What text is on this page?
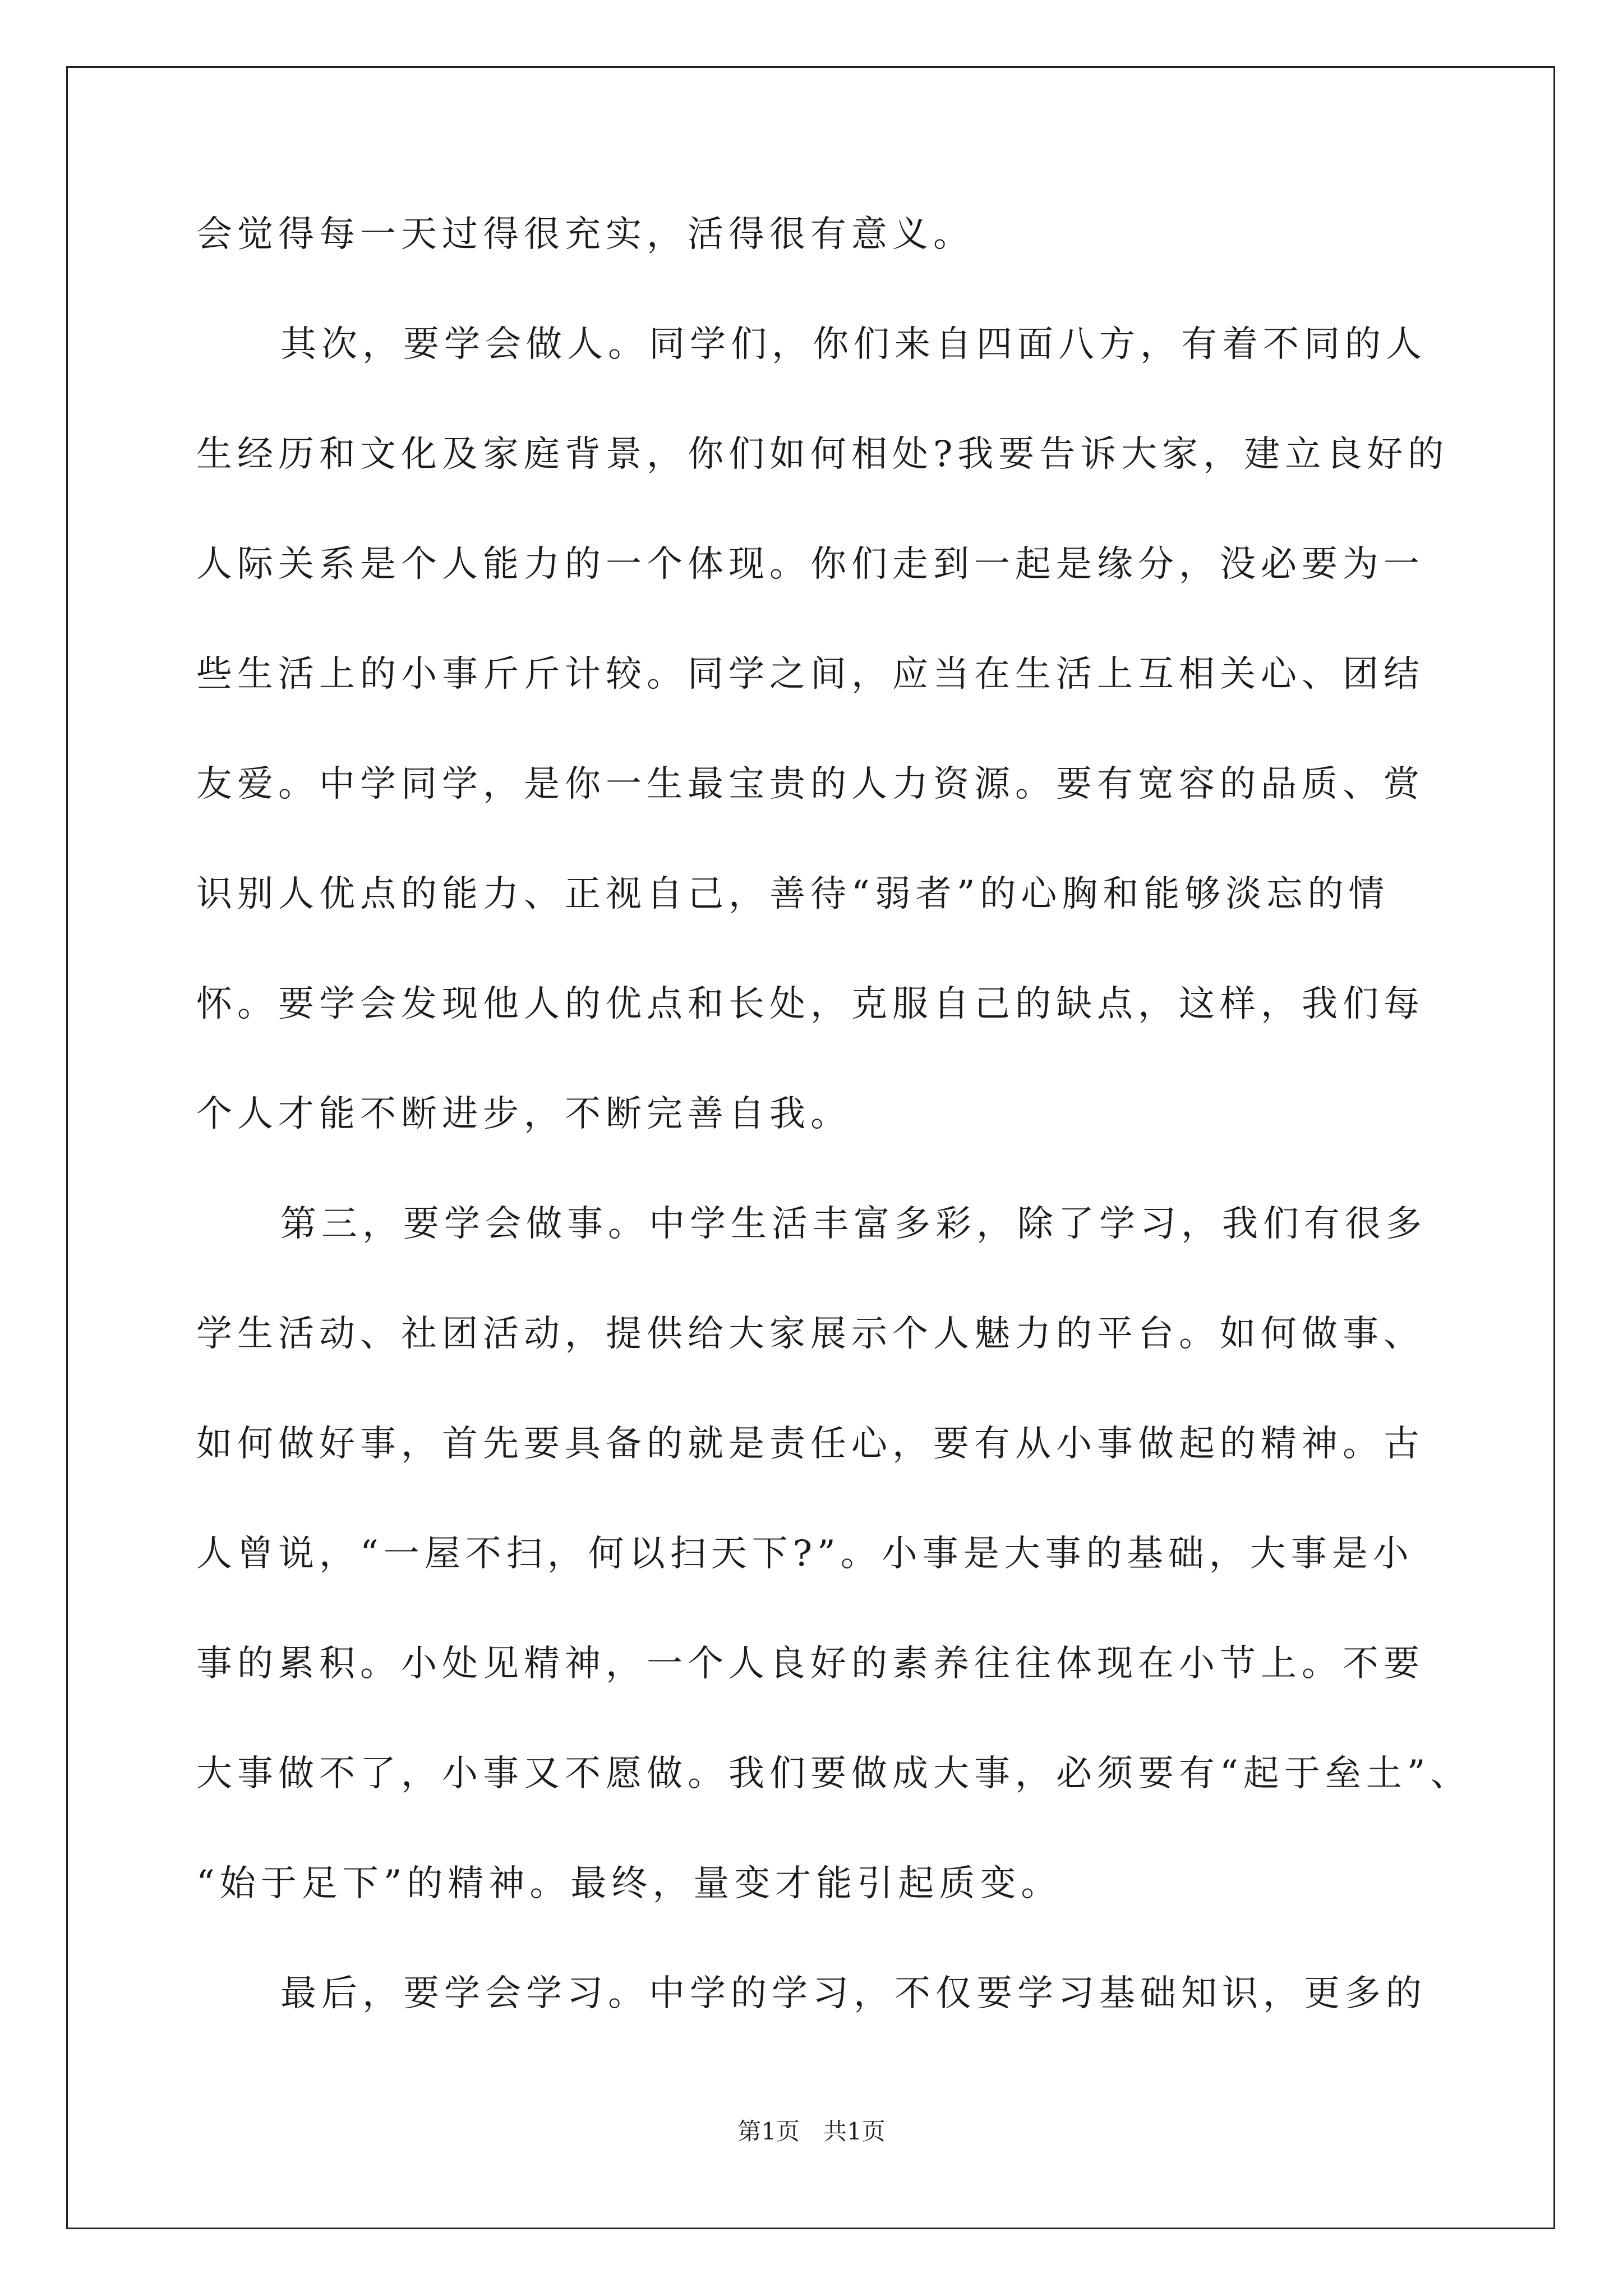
会觉得每一天过得很充实，活得很有意义。
其次，要学会做人。同学们，你们来自四面八方，有着不同的人
生经历和文化及家庭背景，你们如何相处?我要告诉大家，建立良好的
人际关系是个人能力的一个体现。你们走到一起是缘分，没必要为一
些生活上的小事斤斤计较。同学之间，应当在生活上互相关心、团结
友爱。中学同学，是你一生最宝贵的人力资源。要有宽容的品质、赏
识别人优点的能力、正视自己，善待“弱者”的心胸和能够淡忘的情
怀。要学会发现他人的优点和长处，克服自己的缺点，这样，我们每
个人才能不断进步，不断完善自我。
第三，要学会做事。中学生活丰富多彩，除了学习，我们有很多
学生活动、社团活动，提供给大家展示个人魅力的平台。如何做事、
如何做好事，首先要具备的就是责任心，要有从小事做起的精神。古
人曾说，“一屋不扫，何以扫天下?”。小事是大事的基础，大事是小
事的累积。小处见精神，一个人良好的素养往往体现在小节上。不要
大事做不了，小事又不愿做。我们要做成大事，必须要有“起于垒土”、
“始于足下”的精神。最终，量变才能引起质变。
最后，要学会学习。中学的学习，不仅要学习基础知识，更多的
第1页　共1页
